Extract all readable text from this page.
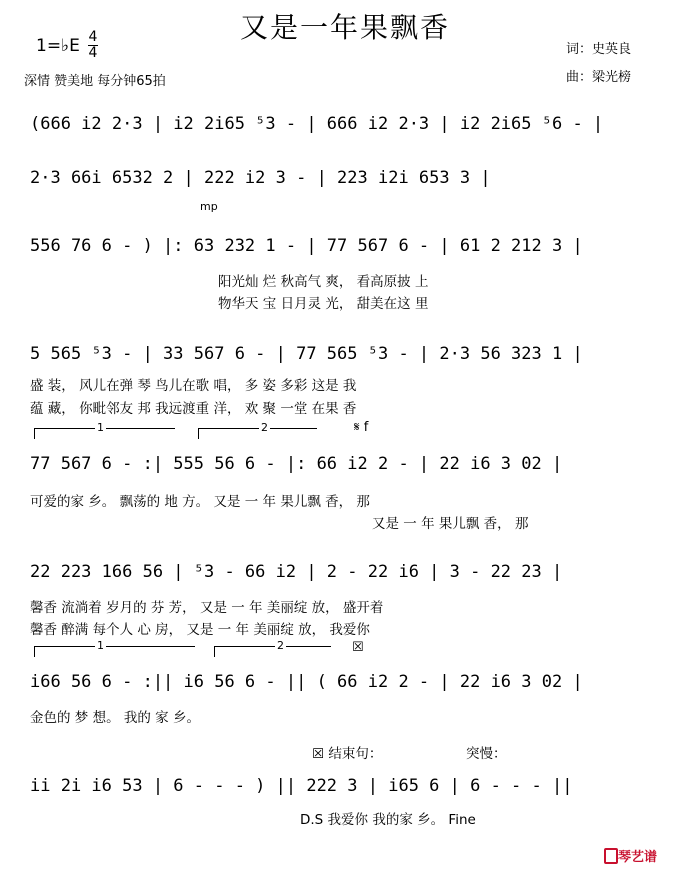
又是一年果飘香
1=♭E 4
4
深情 赞美地 每分钟65拍
词：史英良
曲：梁光榜
(666 i2 2·3 | i2 2i65 ⁵3 - | 666 i2 2·3 | i2 2i65 ⁵6 - |
2·3 66i 6532 2 | 222 i2 3 - | 223 i2i 653 3 |
mp
556 76 6 - ) |: 63 232 1 - | 77 567 6 - | 61 2 212 3 |
阳光灿 烂 秋高气 爽， 看高原披 上
物华天 宝 日月灵 光， 甜美在这 里
5 565 ⁵3 - | 33 567 6 - | 77 565 ⁵3 - | 2·3 56 323 1 |
盛 装， 风儿在弹 琴 鸟儿在歌 唱， 多 姿 多彩 这是 我
蕴 藏， 你毗邻友 邦 我远渡重 洋， 欢 聚 一堂 在果 香
1	2	𝄋 f
77 567 6 - :| 555 56 6 - |: 66 i2 2 - | 22 i6 3 02 |
可爱的家 乡。 飘荡的 地 方。 又是 一 年 果儿飘 香， 那
又是 一 年 果儿飘 香， 那
22 223 166 56 | ⁵3 - 66 i2 | 2 - 22 i6 | 3 - 22 23 |
馨香 流淌着 岁月的 芬 芳， 又是 一 年 美丽绽 放， 盛开着
馨香 醉满 每个人 心 房， 又是 一 年 美丽绽 放， 我爱你
1	2	☒
i66 56 6 - :|| i6 56 6 - || ( 66 i2 2 - | 22 i6 3 02 |
金色的 梦 想。 我的 家 乡。
☒ 结束句：	突慢：
ii 2i i6 53 | 6 - - - ) || 222 3 | i65 6 | 6 - - - ||
D.S 我爱你 我的家 乡。 Fine
琴艺谱
